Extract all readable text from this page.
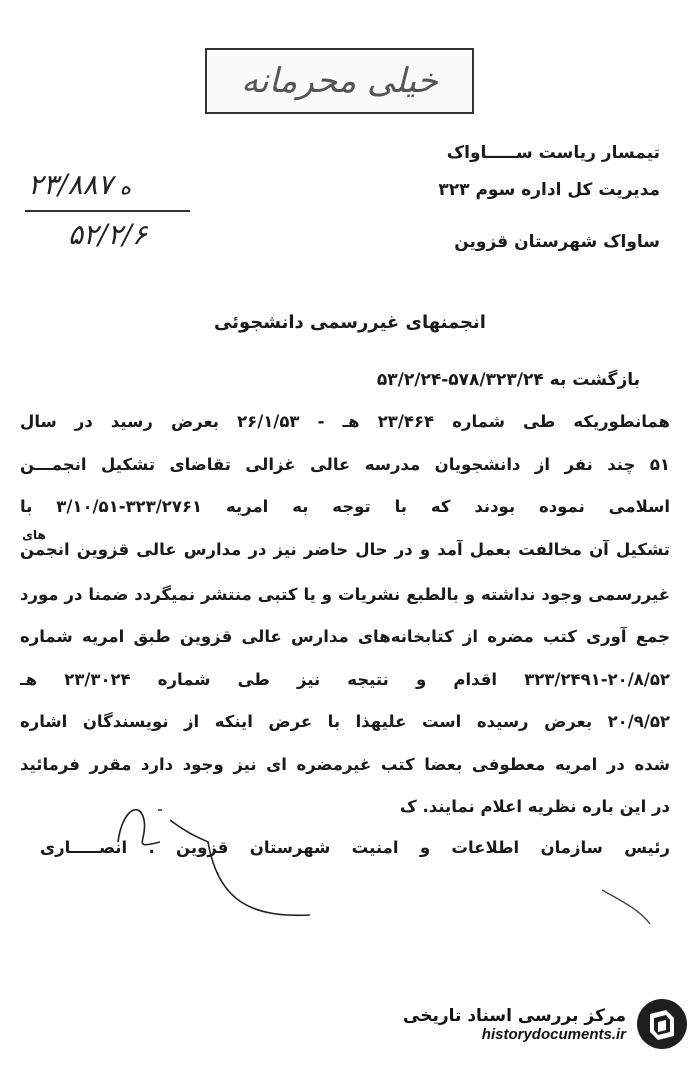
خیلی محرمانه
تیمسار ریاست ســـــاواک
مدیریت کل اداره سوم ۳۲۳
ساواک شهرستان قزوین
ه ۲۳/۸۸۷
۵۲/۲/۶
انجمنهای غیررسمی دانشجوئی
بازگشت به ۵۷۸/۳۲۳/۲۴-۵۳/۲/۲۴
همانطوریکه طی شماره ۲۳/۴۶۴ هـ - ۲۶/۱/۵۳ بعرض رسید در سال
۵۱ چند نفر از دانشجویان مدرسه عالی غزالی تقاضای تشکیل انجمـــن
اسلامی نموده بودند که با توجه به امریه ۳۲۳/۲۷۶۱-۳/۱۰/۵۱ با
های
تشکیل آن مخالفت بعمل آمد و در حال حاضر نیز در مدارس عالی قزوین انجمن
غیررسمی وجود نداشته و بالطبع نشریات و یا کتبی منتشر نمیگردد ضمنا در مورد
جمع آوری کتب مضره از کتابخانه‌های مدارس عالی قزوین طبق امریه شماره
۳۲۳/۲۴۹۱-۲۰/۸/۵۲ اقدام و نتیجه نیز طی شماره ۲۳/۳۰۲۴ هـ
۲۰/۹/۵۲ بعرض رسیده است علیهذا با عرض اینکه از نویسندگان اشاره
شده در امریه معطوفی بعضا کتب غیرمضره ای نیز وجود دارد مقرر فرمائید
در این باره نظریه اعلام نمایند. ک
رئیس سازمان اطلاعات و امنیت شهرستان قزوین . انصـــــاری
مرکز بررسی اسناد تاریخی
historydocuments.ir
